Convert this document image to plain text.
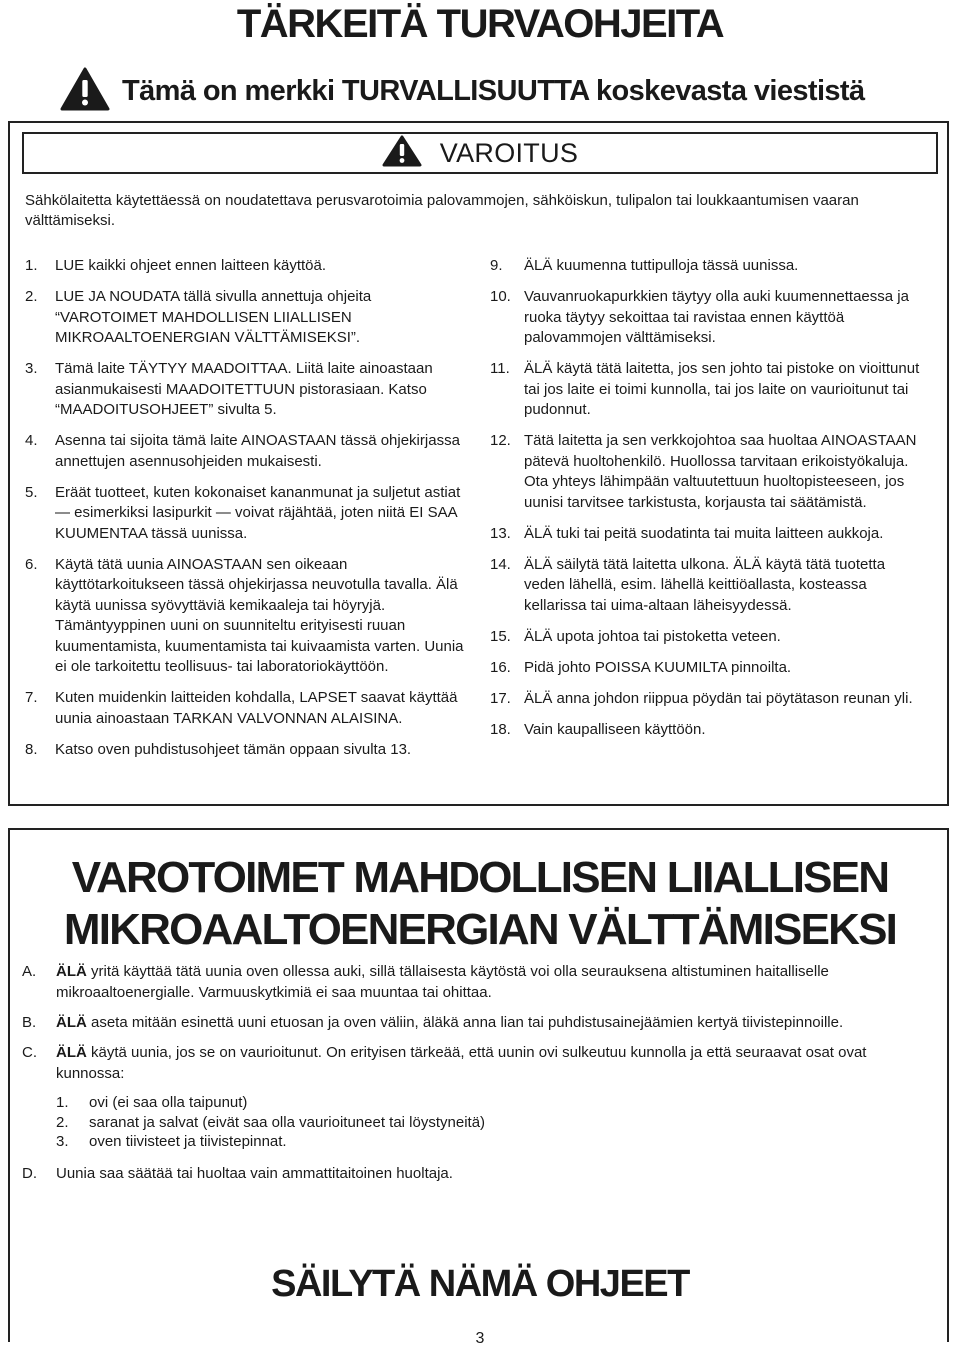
TÄRKEITÄ TURVAOHJEITA
Tämä on merkki TURVALLISUUTTA koskevasta viestistä
VAROITUS
Sähkölaitetta käytettäessä on noudatettava perusvarotoimia palovammojen, sähköiskun, tulipalon tai loukkaantumisen vaaran välttämiseksi.
1.	LUE kaikki ohjeet ennen laitteen käyttöä.
2.	LUE JA NOUDATA tällä sivulla annettuja ohjeita “VAROTOIMET MAHDOLLISEN LIIALLISEN MIKROAALTOENERGIAN VÄLTTÄMISEKSI”.
3.	Tämä laite TÄYTYY MAADOITTAA. Liitä laite ainoastaan asianmukaisesti MAADOITETTUUN pistorasiaan. Katso “MAADOITUSOHJEET” sivulta 5.
4.	Asenna tai sijoita tämä laite AINOASTAAN tässä ohjekirjassa annettujen asennusohjeiden mukaisesti.
5.	Eräät tuotteet, kuten kokonaiset kananmunat ja suljetut astiat — esimerkiksi lasipurkit — voivat räjähtää, joten niitä EI SAA KUUMENTAA tässä uunissa.
6.	Käytä tätä uunia AINOASTAAN sen oikeaan käyttötarkoitukseen tässä ohjekirjassa neuvotulla tavalla. Älä käytä uunissa syövyttäviä kemikaaleja tai höyryjä. Tämäntyyppinen uuni on suunniteltu erityisesti ruuan kuumentamista, kuumentamista tai kuivaamista varten. Uunia ei ole tarkoitettu teollisuus- tai laboratoriokäyttöön.
7.	Kuten muidenkin laitteiden kohdalla, LAPSET saavat käyttää uunia ainoastaan TARKAN VALVONNAN ALAISINA.
8.	Katso oven puhdistusohjeet tämän oppaan sivulta 13.
9.	ÄLÄ kuumenna tuttipulloja tässä uunissa.
10. Vauvanruokapurkkien täytyy olla auki kuumennettaessa ja ruoka täytyy sekoittaa tai ravistaa ennen käyttöä palovammojen välttämiseksi.
11. ÄLÄ käytä tätä laitetta, jos sen johto tai pistoke on vioittunut tai jos laite ei toimi kunnolla, tai jos laite on vaurioitunut tai pudonnut.
12. Tätä laitetta ja sen verkkojohtoa saa huoltaa AINOASTAAN pätevä huoltohenkilö. Huollossa tarvitaan erikoistyökaluja. Ota yhteys lähimpään valtuutettuun huoltopisteeseen, jos uunisi tarvitsee tarkistusta, korjausta tai säätämistä.
13. ÄLÄ tuki tai peitä suodatinta tai muita laitteen aukkoja.
14. ÄLÄ säilytä tätä laitetta ulkona. ÄLÄ käytä tätä tuotetta veden lähellä, esim. lähellä keittiöallasta, kosteassa kellarissa tai uima-altaan läheisyydessä.
15. ÄLÄ upota johtoa tai pistoketta veteen.
16. Pidä johto POISSA KUUMILTA pinnoilta.
17. ÄLÄ anna johdon riippua pöydän tai pöytätason reunan yli.
18. Vain kaupalliseen käyttöön.
VAROTOIMET MAHDOLLISEN LIIALLISEN
MIKROAALTOENERGIAN VÄLTTÄMISEKSI
A.	ÄLÄ yritä käyttää tätä uunia oven ollessa auki, sillä tällaisesta käytöstä voi olla seurauksena altistuminen haitalliselle mikroaaltoenergialle. Varmuuskytkimiä ei saa muuntaa tai ohittaa.
B.	ÄLÄ aseta mitään esinettä uuni etuosan ja oven väliin, äläkä anna lian tai puhdistusainejäämien kertyä tiivistepinnoille.
C.	ÄLÄ käytä uunia, jos se on vaurioitunut. On erityisen tärkeää, että uunin ovi sulkeutuu kunnolla ja että seuraavat osat ovat kunnossa:
1.	ovi (ei saa olla taipunut)
2.	saranat ja salvat (eivät saa olla vaurioituneet tai löystyneitä)
3.	oven tiivisteet ja tiivistepinnat.
D.	Uunia saa säätää tai huoltaa vain ammattitaitoinen huoltaja.
SÄILYTÄ NÄMÄ OHJEET
3
